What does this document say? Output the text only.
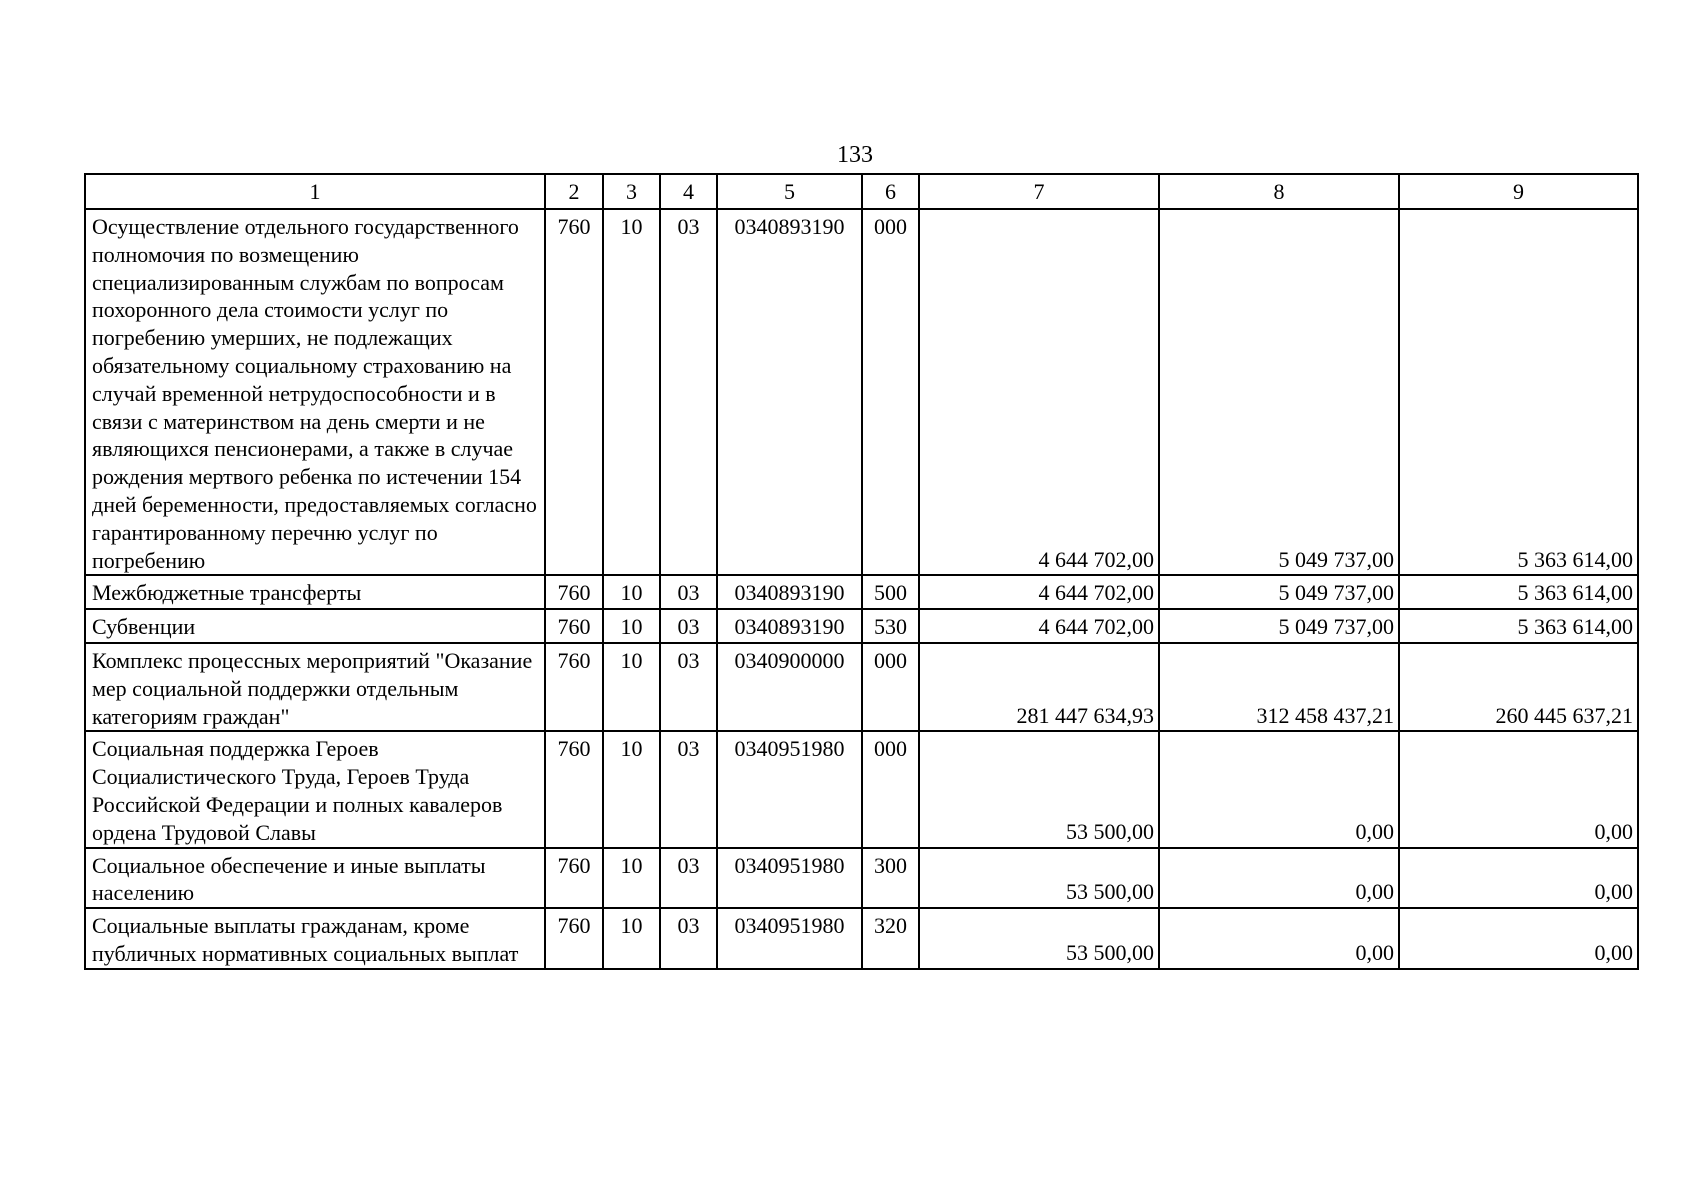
133
1	2	3	4	5	6	7	8	9
Осуществление отдельного государственного полномочия по возмещению специализированным службам по вопросам похоронного дела стоимости услуг по погребению умерших, не подлежащих обязательному социальному страхованию на случай временной нетрудоспособности и в связи с материнством на день смерти и не являющихся пенсионерами, а также в случае рождения мертвого ребенка по истечении 154 дней беременности, предоставляемых согласно гарантированному перечню услуг по погребению	760	10	03	0340893190	000	4 644 702,00	5 049 737,00	5 363 614,00
Межбюджетные трансферты	760	10	03	0340893190	500	4 644 702,00	5 049 737,00	5 363 614,00
Субвенции	760	10	03	0340893190	530	4 644 702,00	5 049 737,00	5 363 614,00
Комплекс процессных мероприятий "Оказание мер социальной поддержки отдельным категориям граждан"	760	10	03	0340900000	000	281 447 634,93	312 458 437,21	260 445 637,21
Социальная поддержка Героев Социалистического Труда, Героев Труда Российской Федерации и полных кавалеров ордена Трудовой Славы	760	10	03	0340951980	000	53 500,00	0,00	0,00
Социальное обеспечение и иные выплаты населению	760	10	03	0340951980	300	53 500,00	0,00	0,00
Социальные выплаты гражданам, кроме публичных нормативных социальных выплат	760	10	03	0340951980	320	53 500,00	0,00	0,00
